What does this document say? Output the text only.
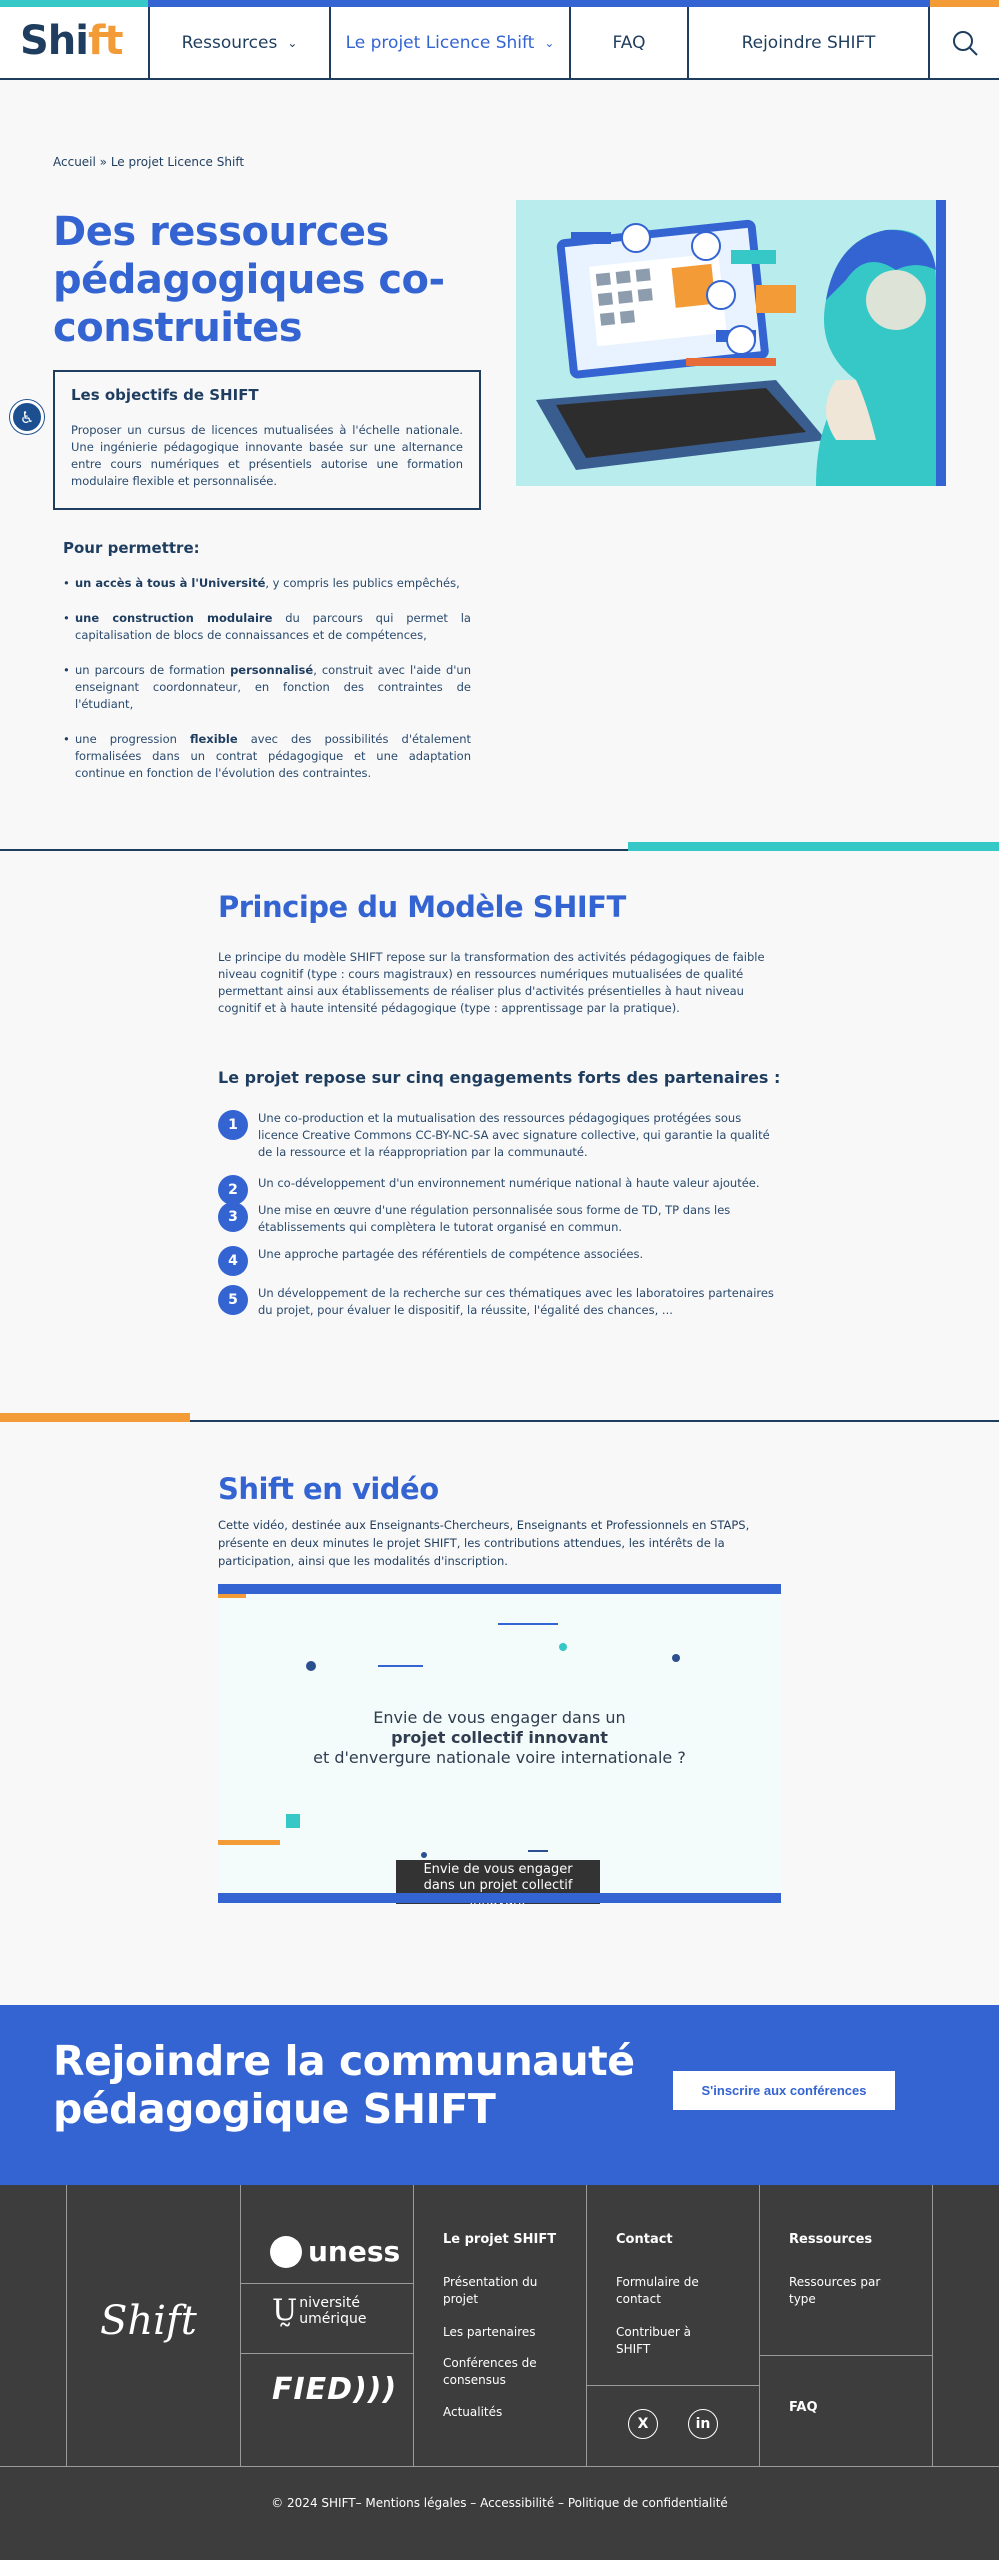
Shi ft	Ressources ⌄	Le projet Licence Shift ⌄	FAQ	Rejoindre SHIFT
♿
Accueil » Le projet Licence Shift
Des ressources pédagogiques co-construites
Les objectifs de SHIFT

Proposer un cursus de licences mutualisées à l'échelle nationale. Une ingénierie pédagogique innovante basée sur une alternance entre cours numériques et présentiels autorise une formation modulaire flexible et personnalisée.

Pour permettre:
• un accès à tous à l'Université, y compris les publics empêchés,
• une construction modulaire du parcours qui permet la capitalisation de blocs de connaissances et de compétences,
• un parcours de formation personnalisé, construit avec l'aide d'un enseignant coordonnateur, en fonction des contraintes de l'étudiant,
• une progression flexible avec des possibilités d'étalement formalisées dans un contrat pédagogique et une adaptation continue en fonction de l'évolution des contraintes.
Principe du Modèle SHIFT

Le principe du modèle SHIFT repose sur la transformation des activités pédagogiques de faible niveau cognitif (type : cours magistraux) en ressources numériques mutualisées de qualité permettant ainsi aux établissements de réaliser plus d'activités présentielles à haut niveau cognitif et à haute intensité pédagogique (type : apprentissage par la pratique).

Le projet repose sur cinq engagements forts des partenaires :
1	Une co-production et la mutualisation des ressources pédagogiques protégées sous licence Creative Commons CC-BY-NC-SA avec signature collective, qui garantie la qualité de la ressource et la réappropriation par la communauté.
2	Un co-développement d'un environnement numérique national à haute valeur ajoutée.
3	Une mise en œuvre d'une régulation personnalisée sous forme de TD, TP dans les établissements qui complètera le tutorat organisé en commun.
4	Une approche partagée des référentiels de compétence associées.
5	Un développement de la recherche sur ces thématiques avec les laboratoires partenaires du projet, pour évaluer le dispositif, la réussite, l'égalité des chances, ...
Shift en vidéo

Cette vidéo, destinée aux Enseignants-Chercheurs, Enseignants et Professionnels en STAPS, présente en deux minutes le projet SHIFT, les contributions attendues, les intérêts de la participation, ainsi que les modalités d'inscription.

Envie de vous engager dans un
projet collectif innovant
et d'envergure nationale voire internationale ?
Envie de vous engager
dans un projet collectif
Rejoindre la communauté pédagogique SHIFT	S'inscrire aux conférences
Shift
uness
Ṵ niversité
umérique
FIED)))
Le projet SHIFT
Présentation du projet
Les partenaires
Conférences de consensus
Actualités
Contact
Formulaire de contact
Contribuer à SHIFT
X	in
Ressources
Ressources par type
FAQ
© 2024 SHIFT– Mentions légales – Accessibilité – Politique de confidentialité
